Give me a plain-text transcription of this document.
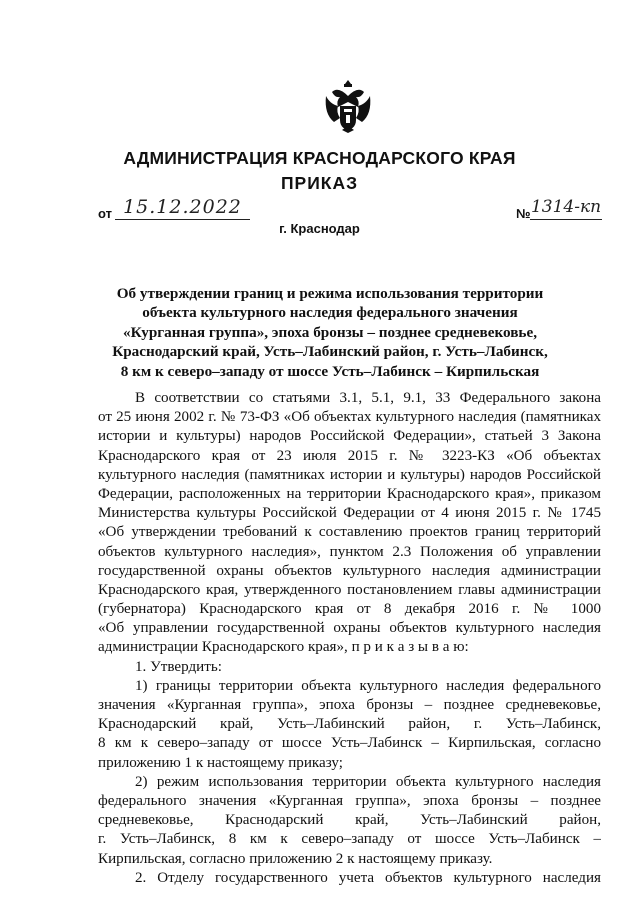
АДМИНИСТРАЦИЯ КРАСНОДАРСКОГО КРАЯ
ПРИКАЗ
от 15.12.2022	№ 1314-кп
г. Краснодар
Об утверждении границ и режима использования территории
объекта культурного наследия федерального значения
«Курганная группа», эпоха бронзы – позднее средневековье,
Краснодарский край, Усть–Лабинский район, г. Усть–Лабинск,
8 км к северо–западу от шоссе Усть–Лабинск – Кирпильская
В соответствии со статьями 3.1, 5.1, 9.1, 33 Федерального закона
от 25 июня 2002 г. № 73-ФЗ «Об объектах культурного наследия (памятниках
истории и культуры) народов Российской Федерации», статьей 3 Закона
Краснодарского края от 23 июля 2015 г. № 3223-КЗ «Об объектах
культурного наследия (памятниках истории и культуры) народов Российской
Федерации, расположенных на территории Краснодарского края», приказом
Министерства культуры Российской Федерации от 4 июня 2015 г. № 1745
«Об утверждении требований к составлению проектов границ территорий
объектов культурного наследия», пунктом 2.3 Положения об управлении
государственной охраны объектов культурного наследия администрации
Краснодарского края, утвержденного постановлением главы администрации
(губернатора) Краснодарского края от 8 декабря 2016 г. № 1000
«Об управлении государственной охраны объектов культурного наследия
администрации Краснодарского края», п р и к а з ы в а ю:
1. Утвердить:
1) границы территории объекта культурного наследия федерального
значения «Курганная группа», эпоха бронзы – позднее средневековье,
Краснодарский край, Усть–Лабинский район, г. Усть–Лабинск,
8 км к северо–западу от шоссе Усть–Лабинск – Кирпильская, согласно
приложению 1 к настоящему приказу;
2) режим использования территории объекта культурного наследия
федерального значения «Курганная группа», эпоха бронзы – позднее
средневековье, Краснодарский край, Усть–Лабинский район,
г. Усть–Лабинск, 8 км к северо–западу от шоссе Усть–Лабинск –
Кирпильская, согласно приложению 2 к настоящему приказу.
2. Отделу государственного учета объектов культурного наследия
